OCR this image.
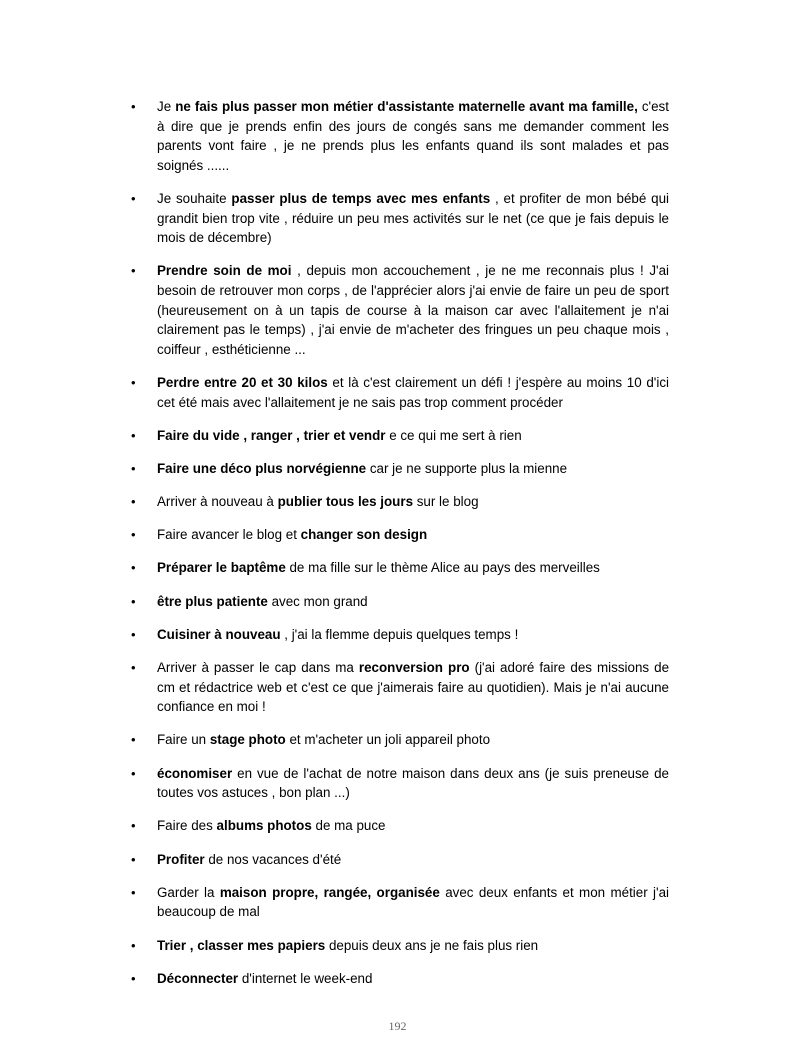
• Je ne fais plus passer mon métier d'assistante maternelle avant ma famille, c'est à dire que je prends enfin des jours de congés sans me demander comment les parents vont faire , je ne prends plus les enfants quand ils sont malades et pas soignés ......
• Je souhaite passer plus de temps avec mes enfants , et profiter de mon bébé qui grandit bien trop vite , réduire un peu mes activités sur le net (ce que je fais depuis le mois de décembre)
• Prendre soin de moi , depuis mon accouchement , je ne me reconnais plus ! J'ai besoin de retrouver mon corps , de l'apprécier alors j'ai envie de faire un peu de sport (heureusement on à un tapis de course à la maison car avec l'allaitement je n'ai clairement pas le temps) , j'ai envie de m'acheter des fringues un peu chaque mois , coiffeur , esthéticienne ...
• Perdre entre 20 et 30 kilos et là c'est clairement un défi ! j'espère au moins 10 d'ici cet été mais avec l'allaitement je ne sais pas trop comment procéder
• Faire du vide , ranger , trier et vendr e ce qui me sert à rien
• Faire une déco plus norvégienne car je ne supporte plus la mienne
• Arriver à nouveau à publier tous les jours sur le blog
• Faire avancer le blog et changer son design
• Préparer le baptême de ma fille sur le thème Alice au pays des merveilles
• être plus patiente avec mon grand
• Cuisiner à nouveau , j'ai la flemme depuis quelques temps !
• Arriver à passer le cap dans ma reconversion pro (j'ai adoré faire des missions de cm et rédactrice web et c'est ce que j'aimerais faire au quotidien). Mais je n'ai aucune confiance en moi !
• Faire un stage photo et m'acheter un joli appareil photo
• économiser en vue de l'achat de notre maison dans deux ans (je suis preneuse de toutes vos astuces , bon plan ...)
• Faire des albums photos de ma puce
• Profiter de nos vacances d'été
• Garder la maison propre, rangée, organisée avec deux enfants et mon métier j'ai beaucoup de mal
• Trier , classer mes papiers depuis deux ans je ne fais plus rien
• Déconnecter d'internet le week-end
192
